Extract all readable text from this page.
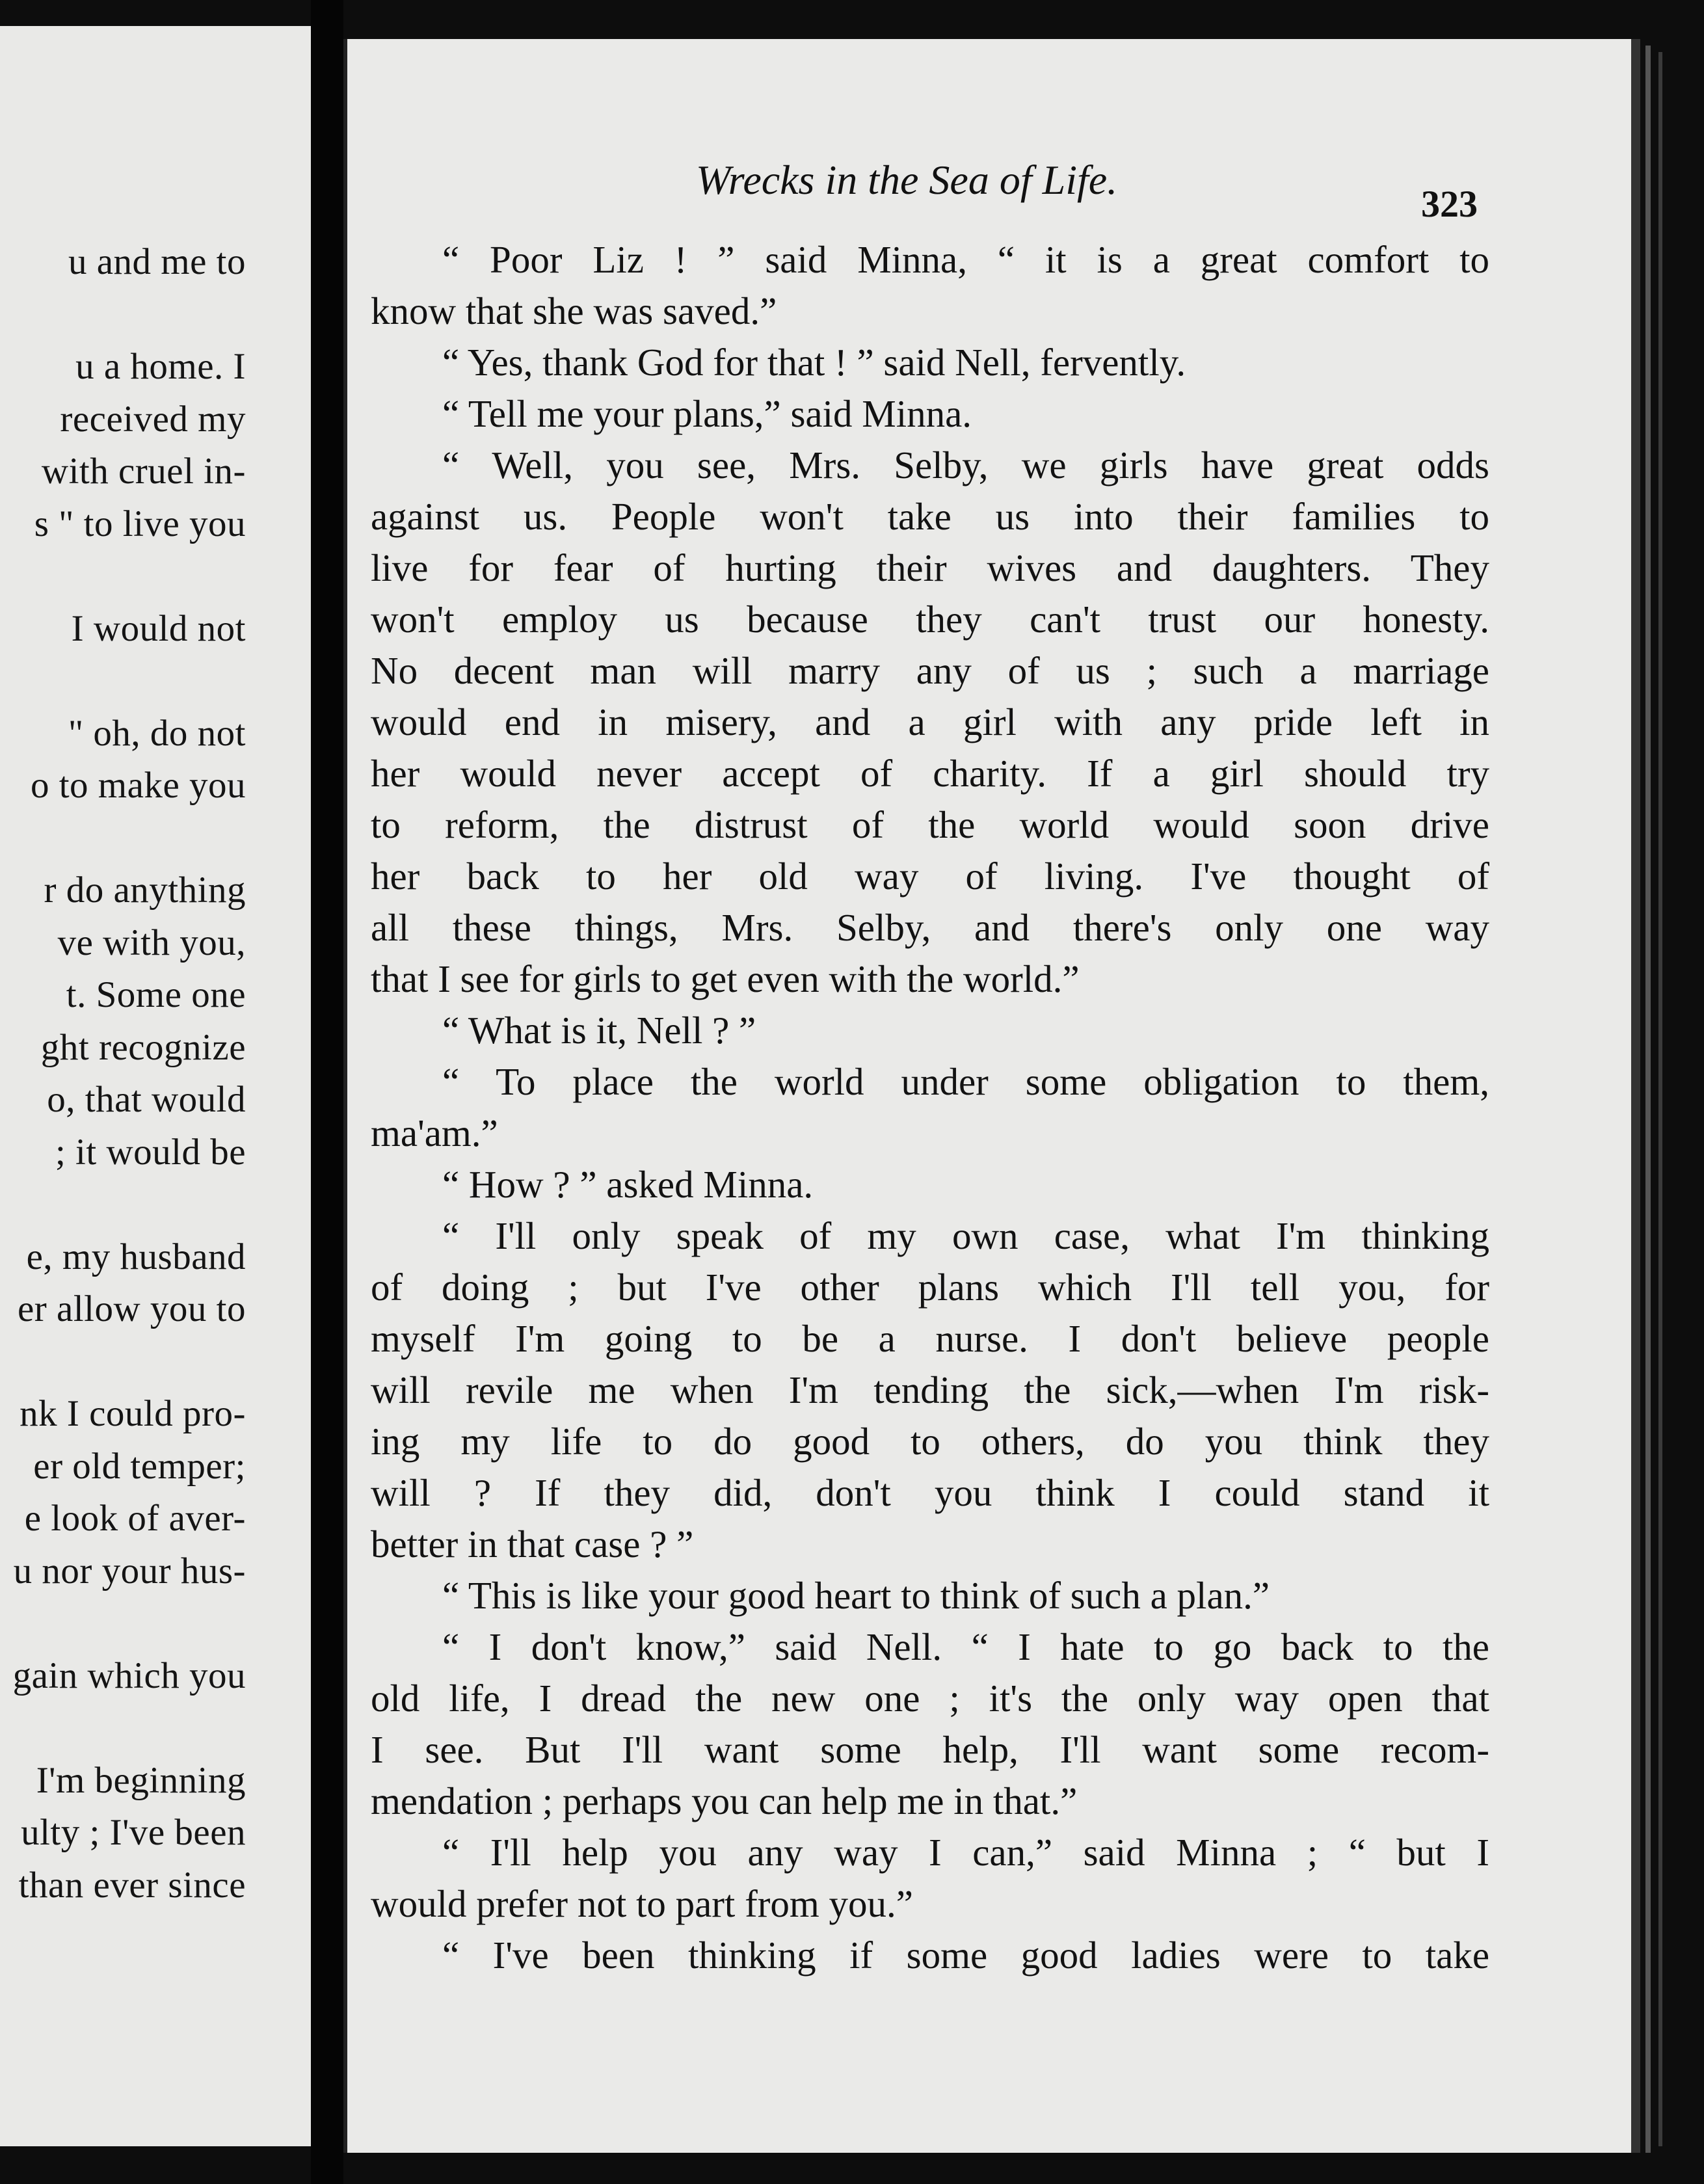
u and me to
u a home. I
received my
with cruel in-
s " to live you
I would not
" oh, do not
o to make you
r do anything
ve with you,
t. Some one
ght recognize
o, that would
; it would be
e, my husband
er allow you to
nk I could pro-
er old temper;
e look of aver-
u nor your hus-
gain which you
I'm beginning
ulty ; I've been
than ever since
Wrecks in the Sea of Life.
323
“ Poor Liz ! ” said Minna, “ it is a great comfort to
know that she was saved.”
“ Yes, thank God for that ! ” said Nell, fervently.
“ Tell me your plans,” said Minna.
“ Well, you see, Mrs. Selby, we girls have great odds
against us. People won't take us into their families to
live for fear of hurting their wives and daughters. They
won't employ us because they can't trust our honesty.
No decent man will marry any of us ; such a marriage
would end in misery, and a girl with any pride left in
her would never accept of charity. If a girl should try
to reform, the distrust of the world would soon drive
her back to her old way of living. I've thought of
all these things, Mrs. Selby, and there's only one way
that I see for girls to get even with the world.”
“ What is it, Nell ? ”
“ To place the world under some obligation to them,
ma'am.”
“ How ? ” asked Minna.
“ I'll only speak of my own case, what I'm thinking
of doing ; but I've other plans which I'll tell you, for
myself I'm going to be a nurse. I don't believe people
will revile me when I'm tending the sick,—when I'm risk-
ing my life to do good to others, do you think they
will ? If they did, don't you think I could stand it
better in that case ? ”
“ This is like your good heart to think of such a plan.”
“ I don't know,” said Nell. “ I hate to go back to the
old life, I dread the new one ; it's the only way open that
I see. But I'll want some help, I'll want some recom-
mendation ; perhaps you can help me in that.”
“ I'll help you any way I can,” said Minna ; “ but I
would prefer not to part from you.”
“ I've been thinking if some good ladies were to take
